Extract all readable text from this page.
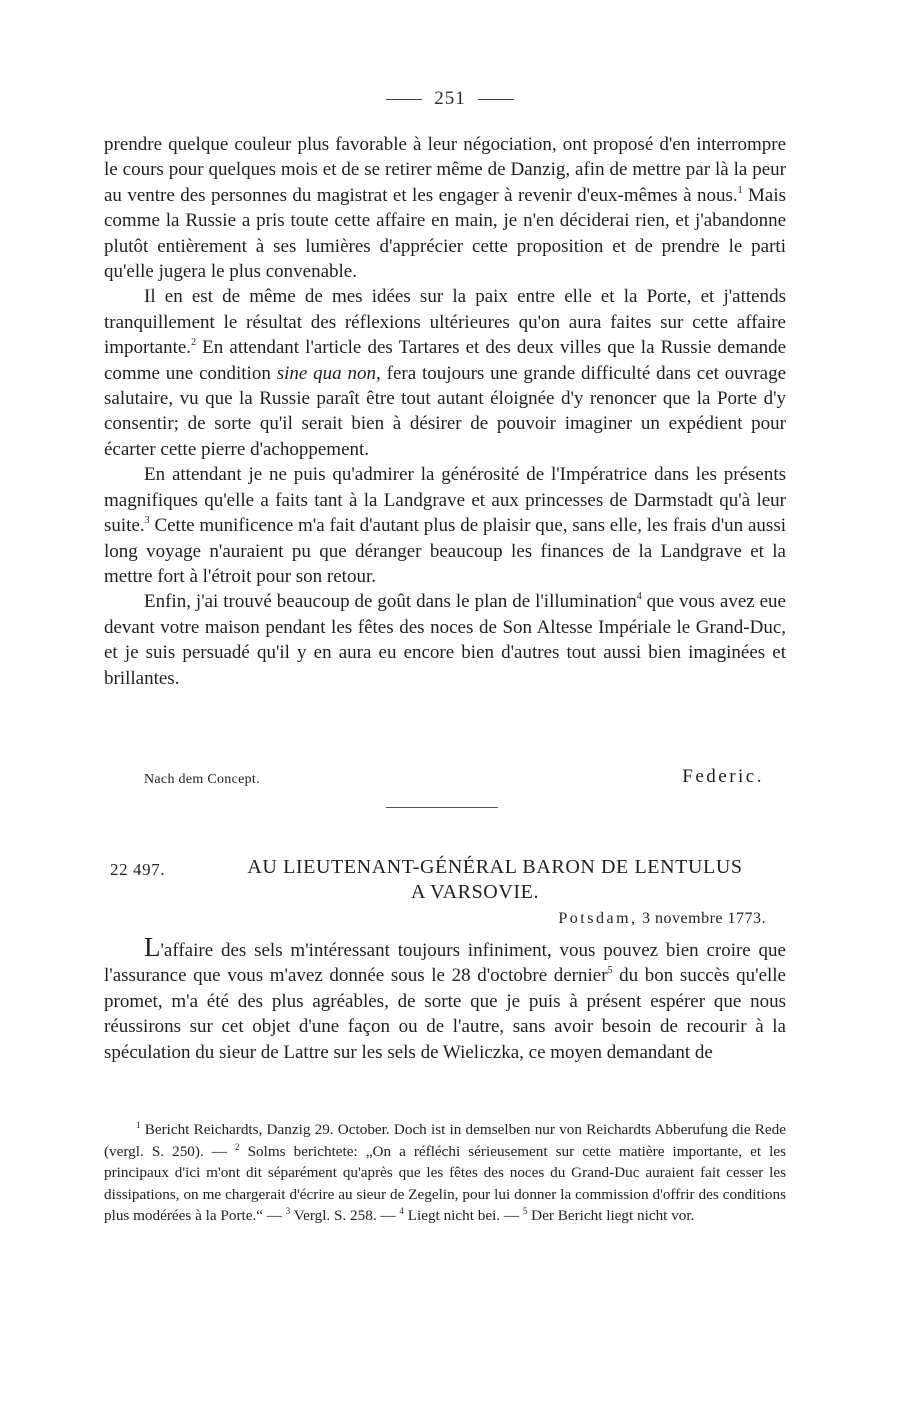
251

prendre quelque couleur plus favorable à leur négociation, ont proposé d'en interrompre le cours pour quelques mois et de se retirer même de Danzig, afin de mettre par là la peur au ventre des personnes du magistrat et les engager à revenir d'eux-mêmes à nous.$^1$ Mais comme la Russie a pris toute cette affaire en main, je n'en déciderai rien, et j'abandonne plutôt entièrement à ses lumières d'apprécier cette proposition et de prendre le parti qu'elle jugera le plus convenable.

Il en est de même de mes idées sur la paix entre elle et la Porte, et j'attends tranquillement le résultat des réflexions ultérieures qu'on aura faites sur cette affaire importante.$^2$ En attendant l'article des Tartares et des deux villes que la Russie demande comme une condition sine qua non, fera toujours une grande difficulté dans cet ouvrage salutaire, vu que la Russie paraît être tout autant éloignée d'y renoncer que la Porte d'y consentir; de sorte qu'il serait bien à désirer de pouvoir imaginer un expédient pour écarter cette pierre d'achoppement.

En attendant je ne puis qu'admirer la générosité de l'Impératrice dans les présents magnifiques qu'elle a faits tant à la Landgrave et aux princesses de Darmstadt qu'à leur suite.$^3$ Cette munificence m'a fait d'autant plus de plaisir que, sans elle, les frais d'un aussi long voyage n'auraient pu que déranger beaucoup les finances de la Landgrave et la mettre fort à l'étroit pour son retour.

Enfin, j'ai trouvé beaucoup de goût dans le plan de l'illumination$^4$ que vous avez eue devant votre maison pendant les fêtes des noces de Son Altesse Impériale le Grand-Duc, et je suis persuadé qu'il y en aura eu encore bien d'autres tout aussi bien imaginées et brillantes.

Nach dem Concept.	Federic.
22 497.	AU LIEUTENANT-GÉNÉRAL BARON DE LENTULUS
A VARSOVIE.
Potsdam, 3 novembre 1773.

L'affaire des sels m'intéressant toujours infiniment, vous pouvez bien croire que l'assurance que vous m'avez donnée sous le 28 d'octobre dernier$^5$ du bon succès qu'elle promet, m'a été des plus agréables, de sorte que je puis à présent espérer que nous réussirons sur cet objet d'une façon ou de l'autre, sans avoir besoin de recourir à la spéculation du sieur de Lattre sur les sels de Wieliczka, ce moyen demandant de

$^1$ Bericht Reichardts, Danzig 29. October. Doch ist in demselben nur von Reichardts Abberufung die Rede (vergl. S. 250). — $^2$ Solms berichtete: „On a réfléchi sérieusement sur cette matière importante, et les principaux d'ici m'ont dit séparément qu'après que les fêtes des noces du Grand-Duc auraient fait cesser les dissipations, on me chargerait d'écrire au sieur de Zegelin, pour lui donner la commission d'offrir des conditions plus modérées à la Porte.“ — $^3$ Vergl. S. 258. — $^4$ Liegt nicht bei. — $^5$ Der Bericht liegt nicht vor.
